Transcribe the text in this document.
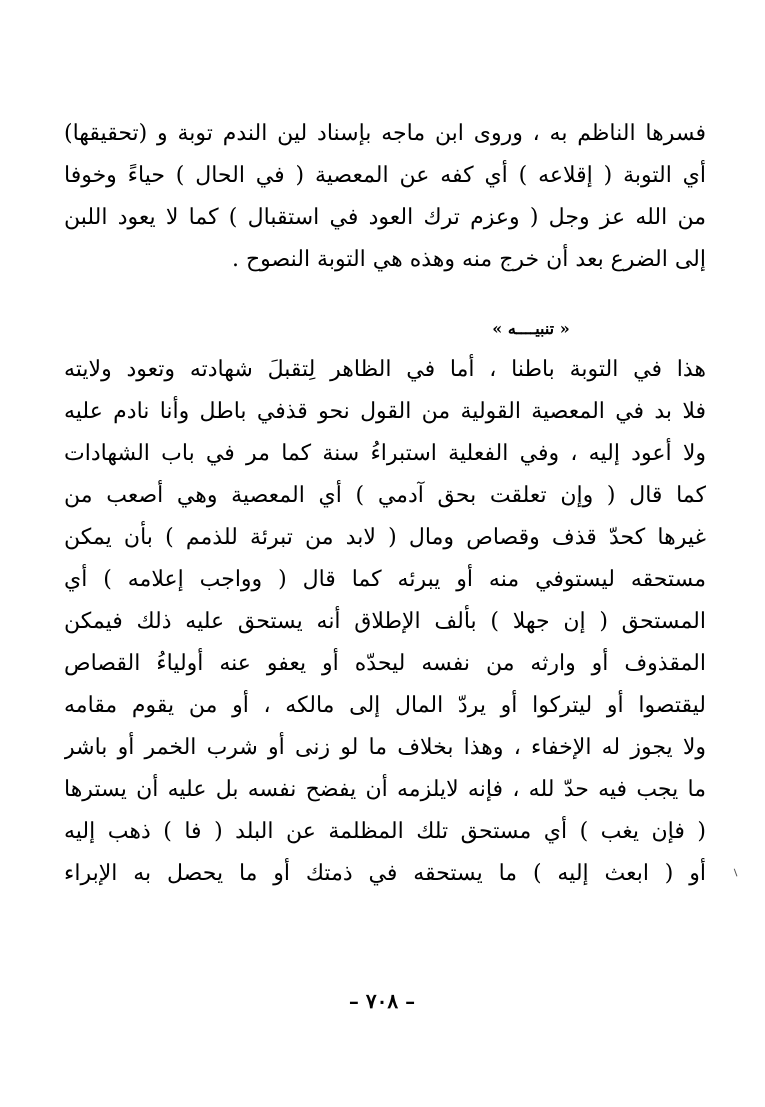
فسرها الناظم به ، وروى ابن ماجه بإسناد لين الندم توبة و (تحقيقها)
أي التوبة ( إقلاعه ) أي كفه عن المعصية ( في الحال ) حياءً وخوفا
من الله عز وجل ( وعزم ترك العود في استقبال ) كما لا يعود اللبن
إلى الضرع بعد أن خرج منه وهذه هي التوبة النصوح .
« تنبيــــه »
هذا في التوبة باطنا ، أما في الظاهر لِتقبلَ شهادته وتعود ولايته
فلا بد في المعصية القولية من القول نحو قذفي باطل وأنا نادم عليه
ولا أعود إليه ، وفي الفعلية استبراءُ سنة كما مر في باب الشهادات
كما قال ( وإن تعلقت بحق آدمي ) أي المعصية وهي أصعب من
غيرها كحدّ قذف وقصاص ومال ( لابد من تبرئة للذمم ) بأن يمكن
مستحقه ليستوفي منه أو يبرئه كما قال ( وواجب إعلامه ) أي
المستحق ( إن جهلا ) بألف الإطلاق أنه يستحق عليه ذلك فيمكن
المقذوف أو وارثه من نفسه ليحدّه أو يعفو عنه أولياءُ القصاص
ليقتصوا أو ليتركوا أو يردّ المال إلى مالكه ، أو من يقوم مقامه
ولا يجوز له الإخفاء ، وهذا بخلاف ما لو زنى أو شرب الخمر أو باشر
ما يجب فيه حدّ لله ، فإنه لايلزمه أن يفضح نفسه بل عليه أن يسترها
( فإن يغب ) أي مستحق تلك المظلمة عن البلد ( فا ) ذهب إليه
أو ( ابعث إليه ) ما يستحقه في ذمتك أو ما يحصل به الإبراء
– ٧٠٨ –
